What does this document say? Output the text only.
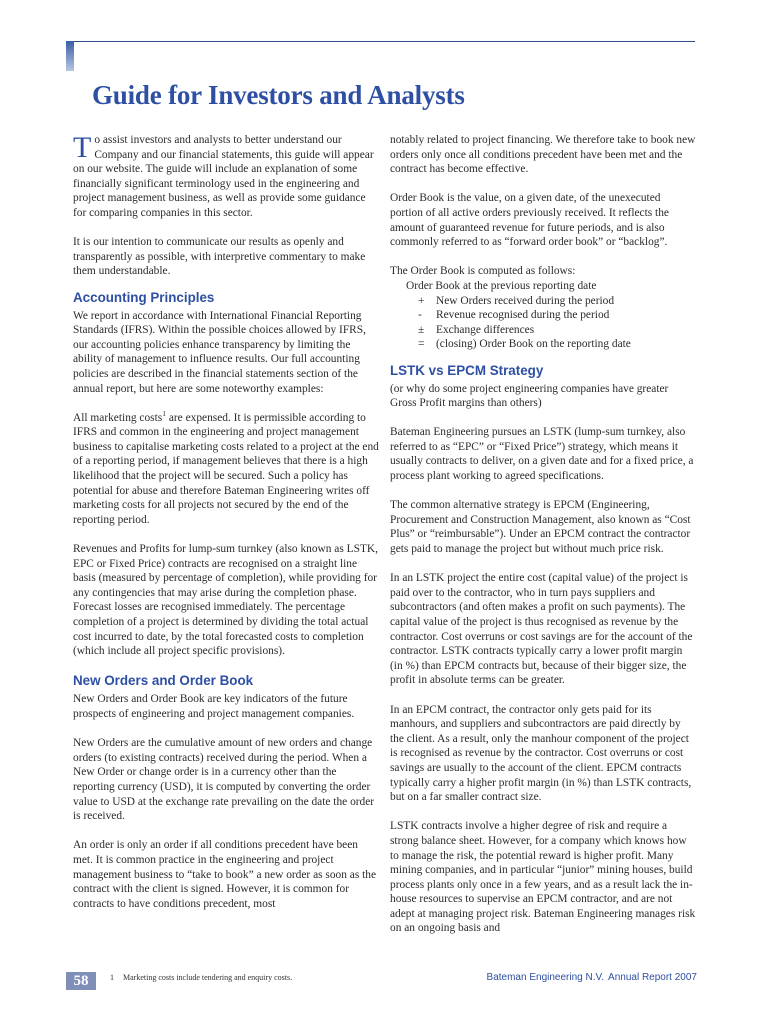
Guide for Investors and Analysts

To assist investors and analysts to better understand our Company and our financial statements, this guide will appear on our website. The guide will include an explanation of some financially significant terminology used in the engineering and project management business, as well as provide some guidance for comparing companies in this sector.

It is our intention to communicate our results as openly and transparently as possible, with interpretive commentary to make them understandable.

Accounting Principles

We report in accordance with International Financial Reporting Standards (IFRS). Within the possible choices allowed by IFRS, our accounting policies enhance transparency by limiting the ability of management to influence results. Our full accounting policies are described in the financial statements section of the annual report, but here are some noteworthy examples:

All marketing costs$^1$ are expensed. It is permissible according to IFRS and common in the engineering and project management business to capitalise marketing costs related to a project at the end of a reporting period, if management believes that there is a high likelihood that the project will be secured. Such a policy has potential for abuse and therefore Bateman Engineering writes off marketing costs for all projects not secured by the end of the reporting period.

Revenues and Profits for lump-sum turnkey (also known as LSTK, EPC or Fixed Price) contracts are recognised on a straight line basis (measured by percentage of completion), while providing for any contingencies that may arise during the completion phase. Forecast losses are recognised immediately. The percentage completion of a project is determined by dividing the total actual cost incurred to date, by the total forecasted costs to completion (which include all project specific provisions).

New Orders and Order Book

New Orders and Order Book are key indicators of the future prospects of engineering and project management companies.

New Orders are the cumulative amount of new orders and change orders (to existing contracts) received during the period. When a New Order or change order is in a currency other than the reporting currency (USD), it is computed by converting the order value to USD at the exchange rate prevailing on the date the order is received.

An order is only an order if all conditions precedent have been met. It is common practice in the engineering and project management business to “take to book” a new order as soon as the contract with the client is signed. However, it is common for contracts to have conditions precedent, most

notably related to project financing. We therefore take to book new orders only once all conditions precedent have been met and the contract has become effective.

Order Book is the value, on a given date, of the unexecuted portion of all active orders previously received. It reflects the amount of guaranteed revenue for future periods, and is also commonly referred to as “forward order book” or “backlog”.

The Order Book is computed as follows:
Order Book at the previous reporting date
+	New Orders received during the period
-	Revenue recognised during the period
±	Exchange differences
=	(closing) Order Book on the reporting date
LSTK vs EPCM Strategy

(or why do some project engineering companies have greater Gross Profit margins than others)

Bateman Engineering pursues an LSTK (lump-sum turnkey, also referred to as “EPC” or “Fixed Price”) strategy, which means it usually contracts to deliver, on a given date and for a fixed price, a process plant working to agreed specifications.

The common alternative strategy is EPCM (Engineering, Procurement and Construction Management, also known as “Cost Plus” or “reimbursable”). Under an EPCM contract the contractor gets paid to manage the project but without much price risk.

In an LSTK project the entire cost (capital value) of the project is paid over to the contractor, who in turn pays suppliers and subcontractors (and often makes a profit on such payments). The capital value of the project is thus recognised as revenue by the contractor. Cost overruns or cost savings are for the account of the contractor. LSTK contracts typically carry a lower profit margin (in %) than EPCM contracts but, because of their bigger size, the profit in absolute terms can be greater.

In an EPCM contract, the contractor only gets paid for its manhours, and suppliers and subcontractors are paid directly by the client. As a result, only the manhour component of the project is recognised as revenue by the contractor. Cost overruns or cost savings are usually to the account of the client. EPCM contracts typically carry a higher profit margin (in %) than LSTK contracts, but on a far smaller contract size.

LSTK contracts involve a higher degree of risk and require a strong balance sheet. However, for a company which knows how to manage the risk, the potential reward is higher profit. Many mining companies, and in particular “junior” mining houses, build process plants only once in a few years, and as a result lack the in-house resources to supervise an EPCM contractor, and are not adept at managing project risk. Bateman Engineering manages risk on an ongoing basis and

58	1 Marketing costs include tendering and enquiry costs.	Bateman Engineering N.V. Annual Report 2007
